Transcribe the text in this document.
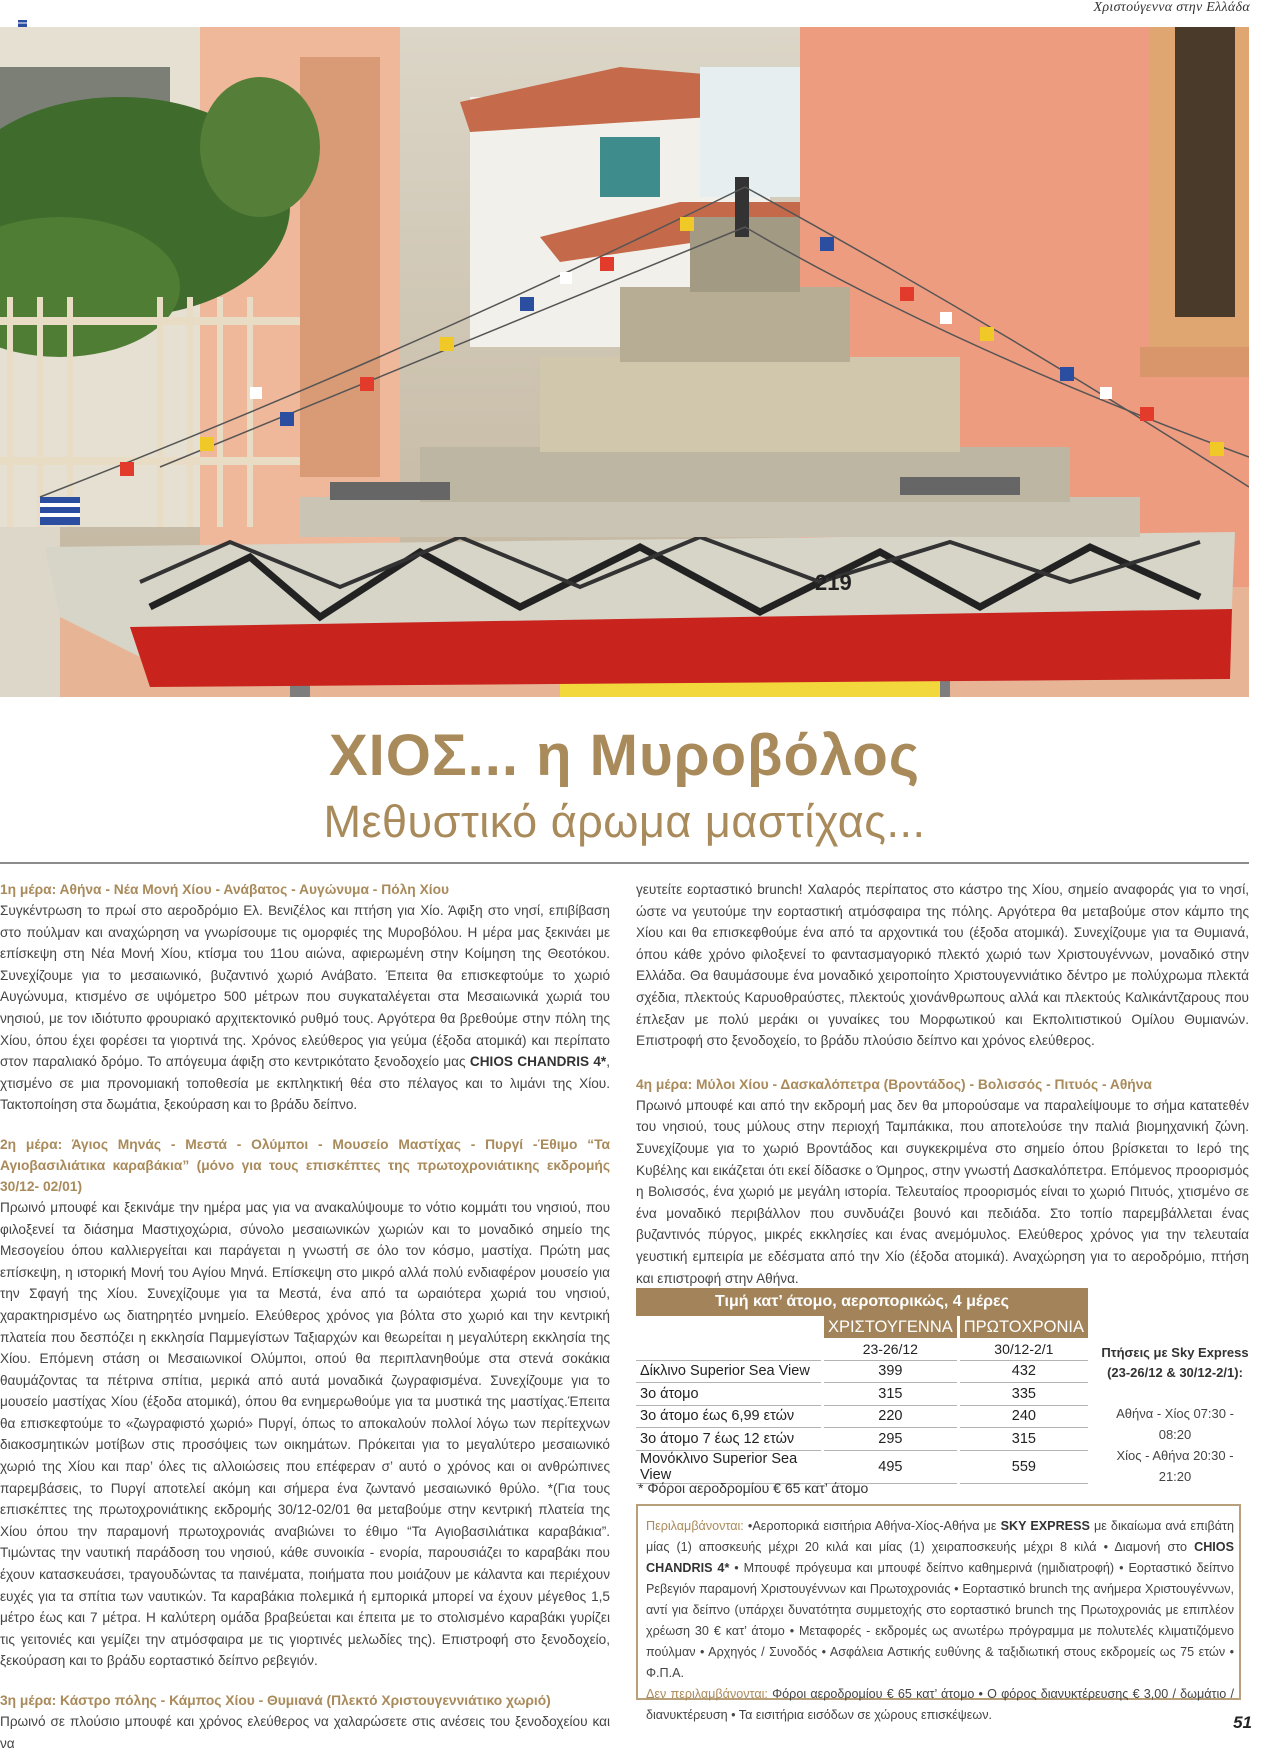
Χριστούγεννα στην Ελλάδα
219
ΧΙΟΣ... η Μυροβόλος
Μεθυστικό άρωμα μαστίχας...
1η μέρα: Αθήνα - Νέα Μονή Χίου - Ανάβατος - Αυγώνυμα - Πόλη Χίου

Συγκέντρωση το πρωί στο αεροδρόμιο Ελ. Βενιζέλος και πτήση για Χίο. Άφιξη στο νησί, επιβίβαση στο πούλμαν και αναχώρηση να γνωρίσουμε τις ομορφιές της Μυροβόλου. Η μέρα μας ξεκινάει με επίσκεψη στη Νέα Μονή Χίου, κτίσμα του 11ου αιώνα, αφιερωμένη στην Κοίμηση της Θεοτόκου. Συνεχίζουμε για το μεσαιωνικό, βυζαντινό χωριό Ανάβατο. Έπειτα θα επισκεφτούμε το χωριό Αυγώνυμα, κτισμένο σε υψόμετρο 500 μέτρων που συγκαταλέγεται στα Μεσαιωνικά χωριά του νησιού, με τον ιδιότυπο φρουριακό αρχιτεκτονικό ρυθμό τους. Αργότερα θα βρεθούμε στην πόλη της Χίου, όπου έχει φορέσει τα γιορτινά της. Χρόνος ελεύθερος για γεύμα (έξοδα ατομικά) και περίπατο στον παραλιακό δρόμο. Το απόγευμα άφιξη στο κεντρικότατο ξενοδοχείο μας CHIOS CHANDRIS 4*, χτισμένο σε μια προνομιακή τοποθεσία με εκπληκτική θέα στο πέλαγος και το λιμάνι της Χίου. Τακτοποίηση στα δωμάτια, ξεκούραση και το βράδυ δείπνο.

2η μέρα: Άγιος Μηνάς - Μεστά - Ολύμποι - Μουσείο Μαστίχας - Πυργί -Έθιμο “Τα Αγιοβασιλιάτικα καραβάκια” (μόνο για τους επισκέπτες της πρωτοχρονιάτικης εκδρομής 30/12- 02/01)

Πρωινό μπουφέ και ξεκινάμε την ημέρα μας για να ανακαλύψουμε το νότιο κομμάτι του νησιού, που φιλοξενεί τα διάσημα Μαστιχοχώρια, σύνολο μεσαιωνικών χωριών και το μοναδικό σημείο της Μεσογείου όπου καλλιεργείται και παράγεται η γνωστή σε όλο τον κόσμο, μαστίχα. Πρώτη μας επίσκεψη, η ιστορική Μονή του Αγίου Μηνά. Επίσκεψη στο μικρό αλλά πολύ ενδιαφέρον μουσείο για την Σφαγή της Χίου. Συνεχίζουμε για τα Μεστά, ένα από τα ωραιότερα χωριά του νησιού, χαρακτηρισμένο ως διατηρητέο μνημείο. Ελεύθερος χρόνος για βόλτα στο χωριό και την κεντρική πλατεία που δεσπόζει η εκκλησία Παμμεγίστων Ταξιαρχών και θεωρείται η μεγαλύτερη εκκλησία της Χίου. Επόμενη στάση οι Μεσαιωνικοί Ολύμποι, οπού θα περιπλανηθούμε στα στενά σοκάκια θαυμάζοντας τα πέτρινα σπίτια, μερικά από αυτά μοναδικά ζωγραφισμένα. Συνεχίζουμε για το μουσείο μαστίχας Χίου (έξοδα ατομικά), όπου θα ενημερωθούμε για τα μυστικά της μαστίχας.Έπειτα θα επισκεφτούμε το «ζωγραφιστό χωριό» Πυργί, όπως το αποκαλούν πολλοί λόγω των περίτεχνων διακοσμητικών μοτίβων στις προσόψεις των οικημάτων. Πρόκειται για το μεγαλύτερο μεσαιωνικό χωριό της Χίου και παρ’ όλες τις αλλοιώσεις που επέφεραν σ’ αυτό ο χρόνος και οι ανθρώπινες παρεμβάσεις, το Πυργί αποτελεί ακόμη και σήμερα ένα ζωντανό μεσαιωνικό θρύλο. *(Για τους επισκέπτες της πρωτοχρονιάτικης εκδρομής 30/12-02/01 θα μεταβούμε στην κεντρική πλατεία της Χίου όπου την παραμονή πρωτοχρονιάς αναβιώνει το έθιμο “Τα Αγιοβασιλιάτικα καραβάκια”. Τιμώντας την ναυτική παράδοση του νησιού, κάθε συνοικία - ενορία, παρουσιάζει το καραβάκι που έχουν κατασκευάσει, τραγουδώντας τα παινέματα, ποιήματα που μοιάζουν με κάλαντα και περιέχουν ευχές για τα σπίτια των ναυτικών. Τα καραβάκια πολεμικά ή εμπορικά μπορεί να έχουν μέγεθος 1,5 μέτρο έως και 7 μέτρα. Η καλύτερη ομάδα βραβεύεται και έπειτα με το στολισμένο καραβάκι γυρίζει τις γειτονιές και γεμίζει την ατμόσφαιρα με τις γιορτινές μελωδίες της). Επιστροφή στο ξενοδοχείο, ξεκούραση και το βράδυ εορταστικό δείπνο ρεβεγιόν.

3η μέρα: Κάστρο πόλης - Κάμπος Χίου - Θυμιανά (Πλεκτό Χριστουγεννιάτικο χωριό)

Πρωινό σε πλούσιο μπουφέ και χρόνος ελεύθερος να χαλαρώσετε στις ανέσεις του ξενοδοχείου και να

γευτείτε εορταστικό brunch! Χαλαρός περίπατος στο κάστρο της Χίου, σημείο αναφοράς για το νησί, ώστε να γευτούμε την εορταστική ατμόσφαιρα της πόλης. Αργότερα θα μεταβούμε στον κάμπο της Χίου και θα επισκεφθούμε ένα από τα αρχοντικά του (έξοδα ατομικά). Συνεχίζουμε για τα Θυμιανά, όπου κάθε χρόνο φιλοξενεί το φαντασμαγορικό πλεκτό χωριό των Χριστουγέννων, μοναδικό στην Ελλάδα. Θα θαυμάσουμε ένα μοναδικό χειροποίητο Χριστουγεννιάτικο δέντρο με πολύχρωμα πλεκτά σχέδια, πλεκτούς Καρυοθραύστες, πλεκτούς χιονάνθρωπους αλλά και πλεκτούς Καλικάντζαρους που έπλεξαν με πολύ μεράκι οι γυναίκες του Μορφωτικού και Εκπολιτιστικού Ομίλου Θυμιανών. Επιστροφή στο ξενοδοχείο, το βράδυ πλούσιο δείπνο και χρόνος ελεύθερος.

4η μέρα: Μύλοι Χίου - Δασκαλόπετρα (Βροντάδος) - Βολισσός - Πιτυός - Αθήνα

Πρωινό μπουφέ και από την εκδρομή μας δεν θα μπορούσαμε να παραλείψουμε το σήμα κατατεθέν του νησιού, τους μύλους στην περιοχή Ταμπάκικα, που αποτελούσε την παλιά βιομηχανική ζώνη. Συνεχίζουμε για το χωριό Βροντάδος και συγκεκριμένα στο σημείο όπου βρίσκεται το Ιερό της Κυβέλης και εικάζεται ότι εκεί δίδασκε ο Όμηρος, στην γνωστή Δασκαλόπετρα. Επόμενος προορισμός η Βολισσός, ένα χωριό με μεγάλη ιστορία. Τελευταίος προορισμός είναι το χωριό Πιτυός, χτισμένο σε ένα μοναδικό περιβάλλον που συνδυάζει βουνό και πεδιάδα. Στο τοπίο παρεμβάλλεται ένας βυζαντινός πύργος, μικρές εκκλησίες και ένας ανεμόμυλος. Ελεύθερος χρόνος για την τελευταία γευστική εμπειρία με εδέσματα από την Χίο (έξοδα ατομικά). Αναχώρηση για το αεροδρόμιο, πτήση και επιστροφή στην Αθήνα.

Τιμή κατ’ άτομο, αεροπορικώς, 4 μέρες		
	ΧΡΙΣΤΟΥΓΕΝΝΑ	ΠΡΩΤΟΧΡΟΝΙΑ
	23-26/12	30/12-2/1
Δίκλινο Superior Sea View	399	432
3ο άτομο	315	335
3ο άτομο έως 6,99 ετών	220	240
3ο άτομο 7 έως 12 ετών	295	315
Μονόκλινο Superior Sea View	495	559
* Φόροι αεροδρομίου € 65 κατ’ άτομο
Πτήσεις με Sky Express (23-26/12 & 30/12-2/1):
Αθήνα - Χίος 07:30 - 08:20
Χίος - Αθήνα 20:30 - 21:20
Περιλαμβάνονται: •Αεροπορικά εισιτήρια Αθήνα-Χίος-Αθήνα με SKY EXPRESS με δικαίωμα ανά επιβάτη μίας (1) αποσκευής μέχρι 20 κιλά και μίας (1) χειραποσκευής μέχρι 8 κιλά • Διαμονή στο CHIOS CHANDRIS 4* • Μπουφέ πρόγευμα και μπουφέ δείπνο καθημερινά (ημιδιατροφή) • Εορταστικό δείπνο Ρεβεγιόν παραμονή Χριστουγέννων και Πρωτοχρονιάς • Εορταστικό brunch της ανήμερα Χριστουγέννων, αντί για δείπνο (υπάρχει δυνατότητα συμμετοχής στο εορταστικό brunch της Πρωτοχρονιάς με επιπλέον χρέωση 30 € κατ’ άτομο • Μεταφορές - εκδρομές ως ανωτέρω πρόγραμμα με πολυτελές κλιματιζόμενο πούλμαν • Αρχηγός / Συνοδός • Ασφάλεια Αστικής ευθύνης & ταξιδιωτική στους εκδρομείς ως 75 ετών • Φ.Π.Α.
Δεν περιλαμβάνονται: Φόροι αεροδρομίου € 65 κατ’ άτομο • Ο φόρος διανυκτέρευσης € 3,00 / δωμάτιο / διανυκτέρευση • Τα εισιτήρια εισόδων σε χώρους επισκέψεων.	51
